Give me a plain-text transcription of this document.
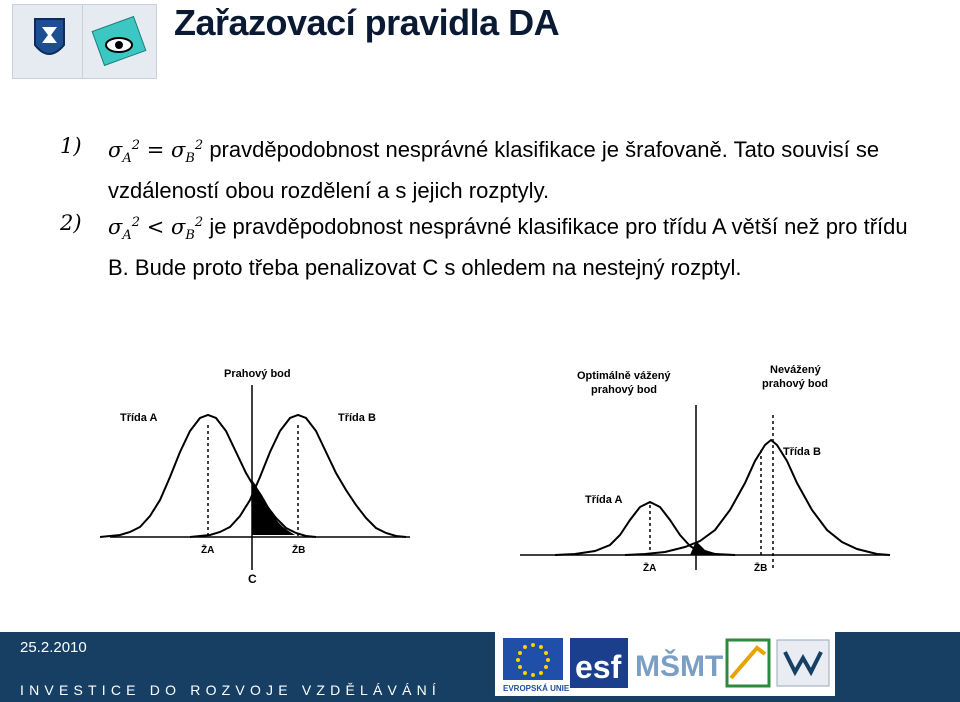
Zařazovací pravidla DA
1) $\sigma_A^2 = \sigma_B^2$ pravděpodobnost nesprávné klasifikace je šrafovaně. Tato souvisí se vzdáleností obou rozdělení a s jejich rozptyly.
2) $\sigma_A^2 < \sigma_B^2$ je pravděpodobnost nesprávné klasifikace pro třídu A větší než pro třídu B. Bude proto třeba penalizovat C s ohledem na nestejný rozptyl.
Prahový bod
Třída A	Třída B
Z̄A	Z̄B
C
Optimálně vážený
prahový bod
Nevážený
prahový bod
Třída A
Třída B
Z̄A	Z̄B
25.2.2010
INVESTICE DO ROZVOJE VZDĚLÁVÁNÍ	EVROPSKÁ UNIE
esf MŠMT	15
